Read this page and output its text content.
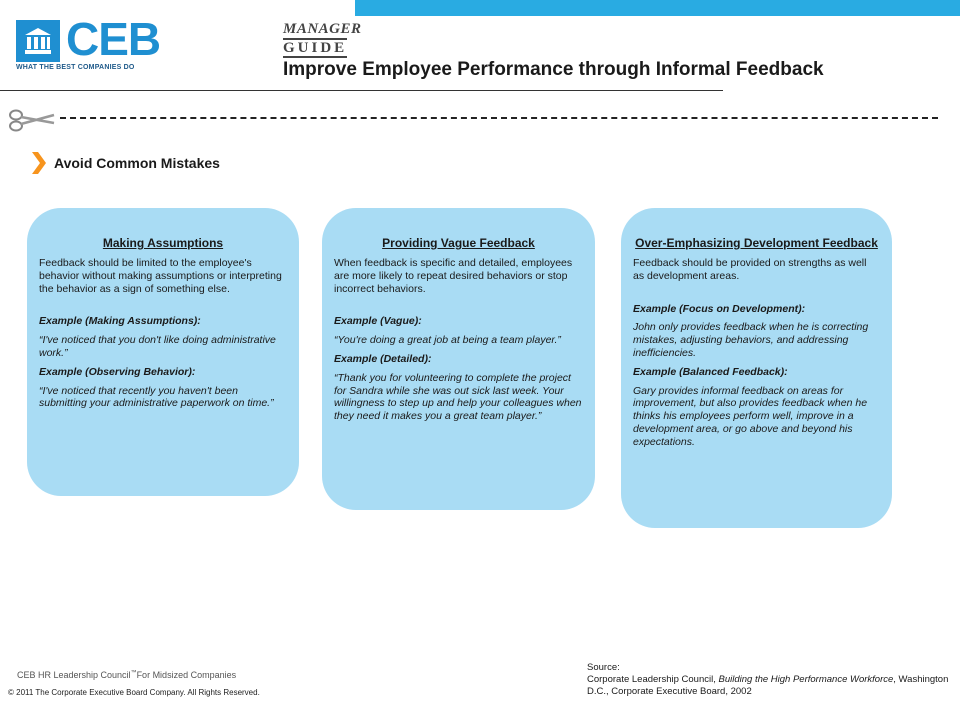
CEB
WHAT THE BEST COMPANIES DO
MANAGER
GUIDE
Improve Employee Performance through Informal Feedback
Avoid Common Mistakes
Making Assumptions

Feedback should be limited to the employee's behavior without making assumptions or interpreting the behavior as a sign of something else.

Example (Making Assumptions):

“I've noticed that you don't like doing administrative work.”

Example (Observing Behavior):

“I've noticed that recently you haven't been submitting your administrative paperwork on time.”

Providing Vague Feedback

When feedback is specific and detailed, employees are more likely to repeat desired behaviors or stop incorrect behaviors.

Example (Vague):

“You're doing a great job at being a team player.”

Example (Detailed):

“Thank you for volunteering to complete the project for Sandra while she was out sick last week. Your willingness to step up and help your colleagues when they need it makes you a great team player.”

Over-Emphasizing Development Feedback

Feedback should be provided on strengths as well as development areas.

Example (Focus on Development):

John only provides feedback when he is correcting mistakes, adjusting behaviors, and addressing inefficiencies.

Example (Balanced Feedback):

Gary provides informal feedback on areas for improvement, but also provides feedback when he thinks his employees perform well, improve in a development area, or go above and beyond his expectations.

CEB HR Leadership Council™For Midsized Companies
© 2011 The Corporate Executive Board Company. All Rights Reserved.
Source:
Corporate Leadership Council, Building the High Performance Workforce, Washington D.C., Corporate Executive Board, 2002
